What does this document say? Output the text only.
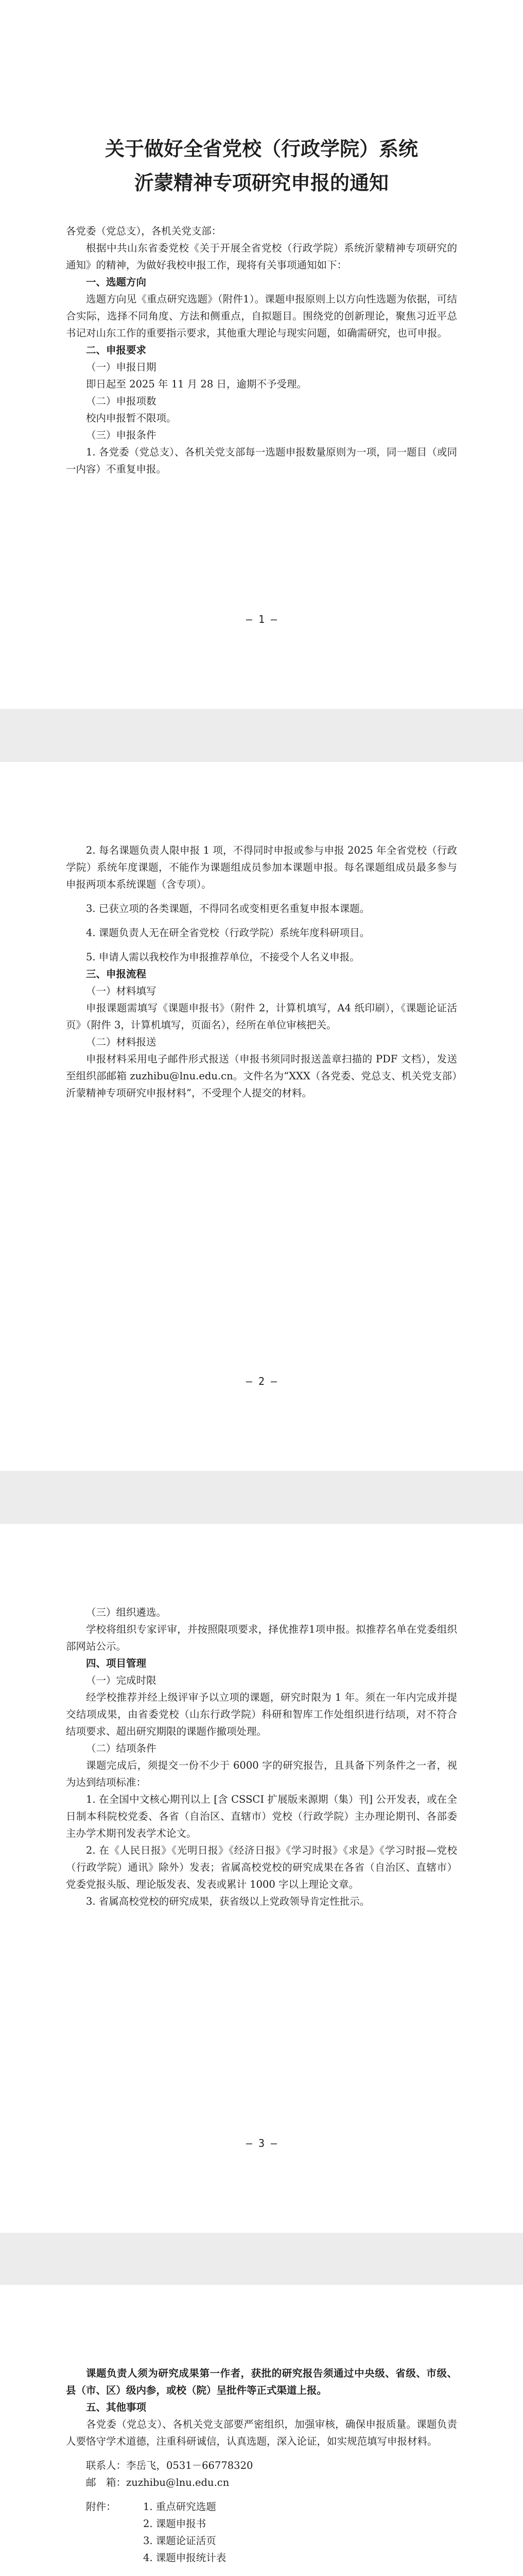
关于做好全省党校（行政学院）系统

沂蒙精神专项研究申报的通知

各党委（党总支），各机关党支部：

根据中共山东省委党校《关于开展全省党校（行政学院）系统沂蒙精神专项研究的通知》的精神，为做好我校申报工作，现将有关事项通知如下：

一、选题方向

选题方向见《重点研究选题》（附件1）。课题申报原则上以方向性选题为依据，可结合实际，选择不同角度、方法和侧重点，自拟题目。围绕党的创新理论，聚焦习近平总书记对山东工作的重要指示要求，其他重大理论与现实问题，如确需研究，也可申报。

二、申报要求

（一）申报日期

即日起至 2025 年 11 月 28 日，逾期不予受理。

（二）申报项数

校内申报暂不限项。

（三）申报条件

1. 各党委（党总支）、各机关党支部每一选题申报数量原则为一项，同一题目（或同一内容）不重复申报。

— 1 —

2. 每名课题负责人限申报 1 项，不得同时申报或参与申报 2025 年全省党校（行政学院）系统年度课题，不能作为课题组成员参加本课题申报。每名课题组成员最多参与申报两项本系统课题（含专项）。

3. 已获立项的各类课题，不得同名或变相更名重复申报本课题。

4. 课题负责人无在研全省党校（行政学院）系统年度科研项目。

5. 申请人需以我校作为申报推荐单位，不接受个人名义申报。

三、申报流程

（一）材料填写

申报课题需填写《课题申报书》（附件 2，计算机填写，A4 纸印刷），《课题论证活页》（附件 3，计算机填写，页面名），经所在单位审核把关。

（二）材料报送

申报材料采用电子邮件形式报送（申报书须同时报送盖章扫描的 PDF 文档），发送至组织部邮箱 zuzhibu@lnu.edu.cn。文件名为“XXX（各党委、党总支、机关党支部）沂蒙精神专项研究申报材料”，不受理个人提交的材料。

— 2 —

（三）组织遴选。

学校将组织专家评审，并按照限项要求，择优推荐1项申报。拟推荐名单在党委组织部网站公示。

四、项目管理

（一）完成时限

经学校推荐并经上级评审予以立项的课题，研究时限为 1 年。须在一年内完成并提交结项成果，由省委党校（山东行政学院）科研和智库工作处组织进行结项，对不符合结项要求、超出研究期限的课题作撤项处理。

（二）结项条件

课题完成后，须提交一份不少于 6000 字的研究报告，且具备下列条件之一者，视为达到结项标准：

1. 在全国中文核心期刊以上 [含 CSSCI 扩展版来源期（集）刊] 公开发表，或在全日制本科院校党委、各省（自治区、直辖市）党校（行政学院）主办理论期刊、各部委主办学术期刊发表学术论文。

2. 在《人民日报》《光明日报》《经济日报》《学习时报》《求是》《学习时报—党校（行政学院）通讯》除外）发表；省属高校党校的研究成果在各省（自治区、直辖市）党委党报头版、理论版发表、发表或累计 1000 字以上理论文章。

3. 省属高校党校的研究成果，获省级以上党政领导肯定性批示。

— 3 —

课题负责人须为研究成果第一作者，获批的研究报告须通过中央级、省级、市级、县（市、区）级内参，或校（院）呈批件等正式渠道上报。

五、其他事项

各党委（党总支）、各机关党支部要严密组织，加强审核，确保申报质量。课题负责人要恪守学术道德，注重科研诚信，认真选题，深入论证，如实规范填写申报材料。

联系人：李岳飞，0531－66778320

邮　箱：zuzhibu@lnu.edu.cn

附件：	1. 重点研究选题

2. 课题申报书

3. 课题论证活页

4. 课题申报统计表
